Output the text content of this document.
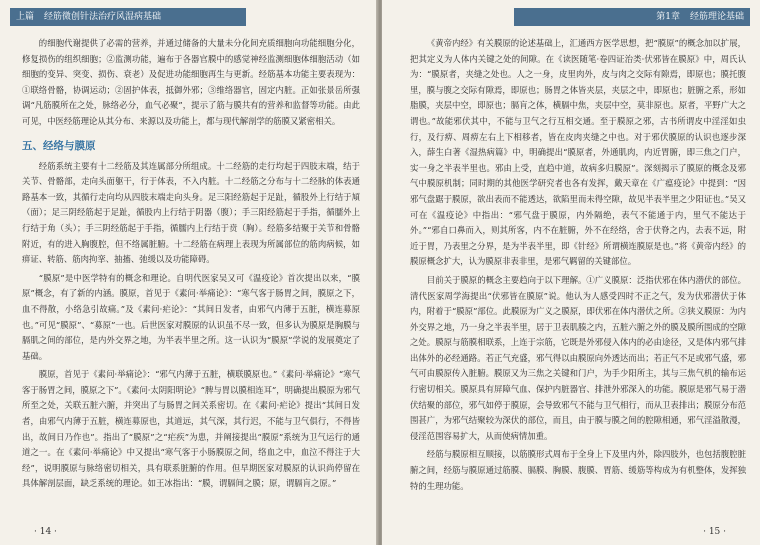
上篇 经筋微创针法治疗风湿病基础

的细胞代谢提供了必需的营养，并通过储备的大量未分化间充质细胞向功能细胞分化，修复损伤的组织细胞；②监测功能，遍布于各器官膜中的感觉神经监测细胞体细胞活动（如细胞的变异、突变、损伤、衰老）及促进功能细胞再生与更新。经筋基本功能主要表现为：①联络骨骼，协调运动；②固护体表，抵御外邪；③维络器官，固定内脏。正如张景岳所强调“凡筋膜所在之处，脉络必分，血气必聚”，提示了筋与膜共有的营养和监督等功能。由此可见，中医经筋理论从其分布、来源以及功能上，都与现代解剖学的筋膜又紧密相关。

五、经络与膜原

经筋系统主要有十二经筋及其连属部分所组成。十二经筋的走行均起于四肢末端，结于关节、骨骼部，走向头面躯干，行于体表，不入内脏。十二经筋之分布与十二经脉的体表通路基本一致，其循行走向均从四肢末端走向头身。足三阳经筋起于足趾，循股外上行结于頄（面）；足三阴经筋起于足趾，循股内上行结于阴器（腹）；手三阳经筋起于手指，循臑外上行结于角（头）；手三阴经筋起于手指，循臑内上行结于贲（胸）。经筋多结聚于关节和骨骼附近，有的进入胸腹腔，但不络属脏腑。十二经筋在病理上表现为所属部位的筋肉病候，如痹证、转筋、筋肉拘挛、抽搐、弛缓以及功能障碍。

“膜原”是中医学特有的概念和理论。自明代医家吴又可《温疫论》首次提出以来，“膜原”概念，有了新的内涵。膜原，首见于《素问·举痛论》：“寒气客于肠胃之间，膜原之下，血不得散，小络急引故痛。”及《素问·疟论》：“其间日发者，由邪气内薄于五脏，横连募原也。”可见“膜原”、“募原”一也。后世医家对膜原的认识虽不尽一致，但多认为膜原是胸膜与膈肌之间的部位，是内外交界之地，为半表半里之所。这一认识为“膜原”学说的发展奠定了基础。

膜原，首见于《素问·举痛论》：“邪气内薄于五脏，横联膜原也。”《素问·举痛论》“寒气客于肠胃之间，膜原之下”。《素问·太阴阳明论》“脾与胃以膜相连耳”，明确提出膜原为邪气所至之处，关联五脏六腑，并突出了与肠胃之间关系密切。在《素问·疟论》提出“其间日发者，由邪气内薄于五脏，横连募原也，其道远，其气深，其行迟，不能与卫气俱行，不得皆出，故间日乃作也”。指出了“膜原”之“疟疾”为患，并阐接提出“膜原”系统为卫气运行的通道之一。在《素问·举痛论》中又提出“寒气客于小肠膜原之间，络血之中，血泣不得注于大经”，说明膜原与脉络密切相关，具有联系脏腑的作用。但早期医家对膜原的认识尚停留在具体解剖层面，缺乏系统的理论。如王冰指出：“膜，谓膈间之膜；原，谓膈肓之原。”

· 14 ·
第1章 经筋理论基础

《黄帝内经》有关膜原的论述基础上，汇通西方医学思想，把“膜原”的概念加以扩展，把其定义为人体内关键之处的间隙。在《读医随笔·卷四证治类·伏邪皆在膜原》中，周氏认为：“膜原者，夹缝之处也。人之一身，皮里肉外，皮与肉之交际有隙焉，即原也；膜托腹里，膜与腹之交际有隙焉，即原也；肠胃之体皆夹层，夹层之中，即原也；脏腑之系，形如脂膜，夹层中空，即原也；膈肓之体，横膈中焦，夹层中空，莫非原也。原者，平野广大之谓也。”故能邪伏其中，不能与卫气之行互相交通。至于膜原之邪，古书所谓皮中淫淫如虫行，及行痹、周痹左右上下相移者，皆在皮肉夹缝之中也。对于邪伏膜原的认识也逐步深入，薛生白著《湿热病篇》中，明确提出“膜原者，外通肌肉，内近胃腑，即三焦之门户，实一身之半表半里也。邪由上受，直趋中道，故病多归膜原”。深刻揭示了膜原的概念及邪气中膜原机制；同时期的其他医学研究者也各有发挥，戴天章在《广瘟疫论》中提到：“因邪气盘踞于膜原，欲出表而不能透达，欲陷里而未得空隙，故见半表半里之少阳证也。”吴又可在《温疫论》中指出：“邪气盘于膜原，内外隔绝，表气不能通于内，里气不能达于外。”“邪自口鼻而入，则其所客，内不在脏腑，外不在经络，舍于伏脊之内，去表不远，附近于胃，乃表里之分界，是为半表半里，即《针经》所谓横连膜原是也。”将《黄帝内经》的膜原概念扩大，认为膜原非表非里，是邪气羁留的关键部位。

目前关于膜原的概念主要趋向于以下理解。①广义膜原：泛指伏邪在体内潜伏的部位。清代医家周学海提出“伏邪皆在膜原”说。他认为人感受四时不正之气，发为伏邪潜伏于体内，附着于“膜原”部位。此膜原为广义之膜原，即伏邪在体内潜伏之所。②狭义膜原：为内外交界之地，乃一身之半表半里，居于卫表肌腠之内，五脏六腑之外的膜及膜所围成的空隙之处。膜原与筋膜相联系，上连于宗筋，它既是外邪侵入体内的必由途径，又是体内邪气排出体外的必经通路。若正气充盛，邪气得以由膜原向外透达而出；若正气不足或邪气盛，邪气可由膜原传入脏腑。膜原又为三焦之关键和门户，为手少阳所主，其与三焦气机的输布运行密切相关。膜原具有屏障气血、保护内脏器官、排泄外邪深入的功能。膜原是邪气易于潜伏结聚的部位，邪气如停于膜原，会导致邪气不能与卫气相行，而从卫表排出；膜原分布范围甚广，为邪气结聚较为深伏的部位，而且，由于膜与膜之间的腔隙相通，邪气淫溢散漫，侵淫范围容易扩大，从而使病情加重。

经筋与膜原相互顺接，以筋膜形式周布于全身上下及里内外，除四肢外，也包括腹腔脏腑之间，经筋与膜原通过筋膜、膈膜、胸膜、腹膜、胃筋、缓筋等构成为有机整体，发挥独特的生理功能。

· 15 ·
